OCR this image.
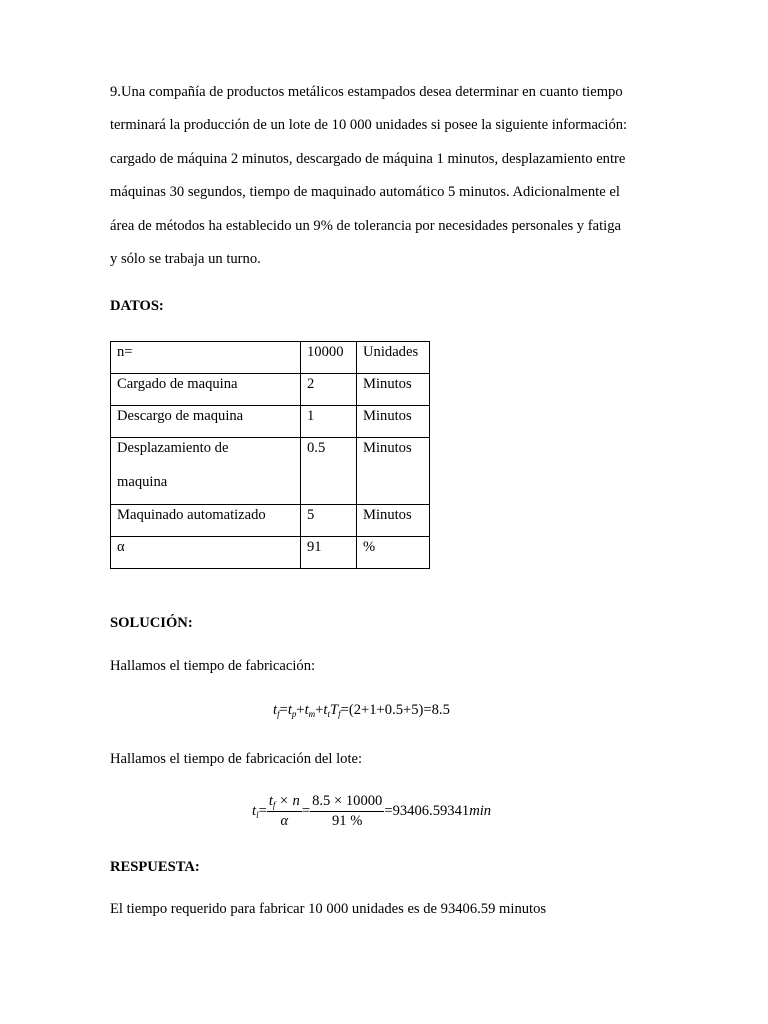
9.Una compañía de productos metálicos estampados desea determinar en cuanto tiempo

terminará la producción de un lote de 10 000 unidades si posee la siguiente información:

cargado de máquina 2 minutos, descargado de máquina 1 minutos, desplazamiento entre

máquinas 30 segundos, tiempo de maquinado automático 5 minutos. Adicionalmente el

área de métodos ha establecido un 9% de tolerancia por necesidades personales y fatiga

y sólo se trabaja un turno.

DATOS:
n=	10000	Unidades
Cargado de maquina	2	Minutos
Descargo de maquina	1	Minutos

Desplazamiento de
maquina	0.5	Minutos
Maquinado automatizado	5	Minutos
α	91	%
SOLUCIÓN:
Hallamos el tiempo de fabricación:
$t_f=t_p+t_m+t_tT_f=(2+1+0.5+5)=8.5$
Hallamos el tiempo de fabricación del lote:
$t_l= \frac{t_f \times n}{\alpha} = \frac{8.5 \times 10000}{91 \%} =93406.59341\min$
RESPUESTA:
El tiempo requerido para fabricar 10 000 unidades es de 93406.59 minutos
